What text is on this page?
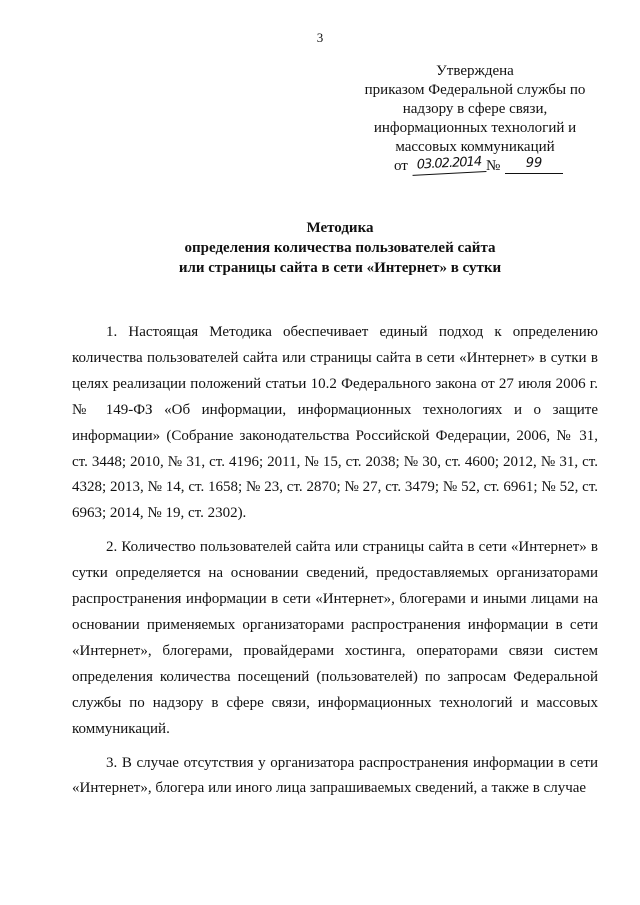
3
Утверждена
приказом Федеральной службы по
надзору в сфере связи,
информационных технологий и
массовых коммуникаций
от 03.02.2014 №	99
Методика
определения количества пользователей сайта
или страницы сайта в сети «Интернет» в сутки

1. Настоящая Методика обеспечивает единый подход к определению количества пользователей сайта или страницы сайта в сети «Интернет» в сутки в целях реализации положений статьи 10.2 Федерального закона от 27 июля 2006 г. № 149-ФЗ «Об информации, информационных технологиях и о защите информации» (Собрание законодательства Российской Федерации, 2006, № 31, ст. 3448; 2010, № 31, ст. 4196; 2011, № 15, ст. 2038; № 30, ст. 4600; 2012, № 31, ст. 4328; 2013, № 14, ст. 1658; № 23, ст. 2870; № 27, ст. 3479; № 52, ст. 6961; № 52, ст. 6963; 2014, № 19, ст. 2302).

2. Количество пользователей сайта или страницы сайта в сети «Интернет» в сутки определяется на основании сведений, предоставляемых организаторами распространения информации в сети «Интернет», блогерами и иными лицами на основании применяемых организаторами распространения информации в сети «Интернет», блогерами, провайдерами хостинга, операторами связи систем определения количества посещений (пользователей) по запросам Федеральной службы по надзору в сфере связи, информационных технологий и массовых коммуникаций.

3. В случае отсутствия у организатора распространения информации в сети «Интернет», блогера или иного лица запрашиваемых сведений, а также в случае
